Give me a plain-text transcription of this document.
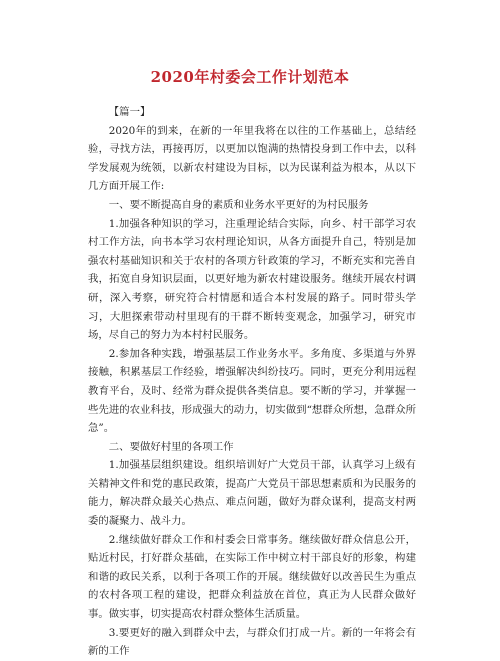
2020年村委会工作计划范本

【篇一】

2020年的到来，在新的一年里我将在以往的工作基础上，总结经验，寻找方法，再接再厉，以更加以饱满的热情投身到工作中去，以科学发展观为统领，以新农村建设为目标，以为民谋利益为根本，从以下几方面开展工作:

一、要不断提高自身的素质和业务水平更好的为村民服务

1.加强各种知识的学习，注重理论结合实际，向乡、村干部学习农村工作方法，向书本学习农村理论知识，从各方面提升自己，特别是加强农村基础知识和关于农村的各项方针政策的学习，不断充实和完善自我，拓宽自身知识层面，以更好地为新农村建设服务。继续开展农村调研，深入考察，研究符合村情愿和适合本村发展的路子。同时带头学习，大胆探索带动村里现有的干群不断转变观念，加强学习，研究市场，尽自己的努力为本村村民服务。

2.参加各种实践，增强基层工作业务水平。多角度、多渠道与外界接触，积累基层工作经验，增强解决纠纷技巧。同时，更充分利用远程教育平台，及时、经常为群众提供各类信息。要不断的学习，并掌握一些先进的农业科技，形成强大的动力，切实做到“想群众所想，急群众所急”。

二、要做好村里的各项工作

1.加强基层组织建设。组织培训好广大党员干部，认真学习上级有关精神文件和党的惠民政策，提高广大党员干部思想素质和为民服务的能力，解决群众最关心热点、难点问题，做好为群众谋利，提高支村两委的凝聚力、战斗力。

2.继续做好群众工作和村委会日常事务。继续做好群众信息公开，贴近村民，打好群众基础，在实际工作中树立村干部良好的形象，构建和谐的政民关系，以利于各项工作的开展。继续做好以改善民生为重点的农村各项工程的建设，把群众利益放在首位，真正为人民群众做好事。做实事，切实提高农村群众整体生活质量。

3.要更好的融入到群众中去，与群众们打成一片。新的一年将会有新的工作
